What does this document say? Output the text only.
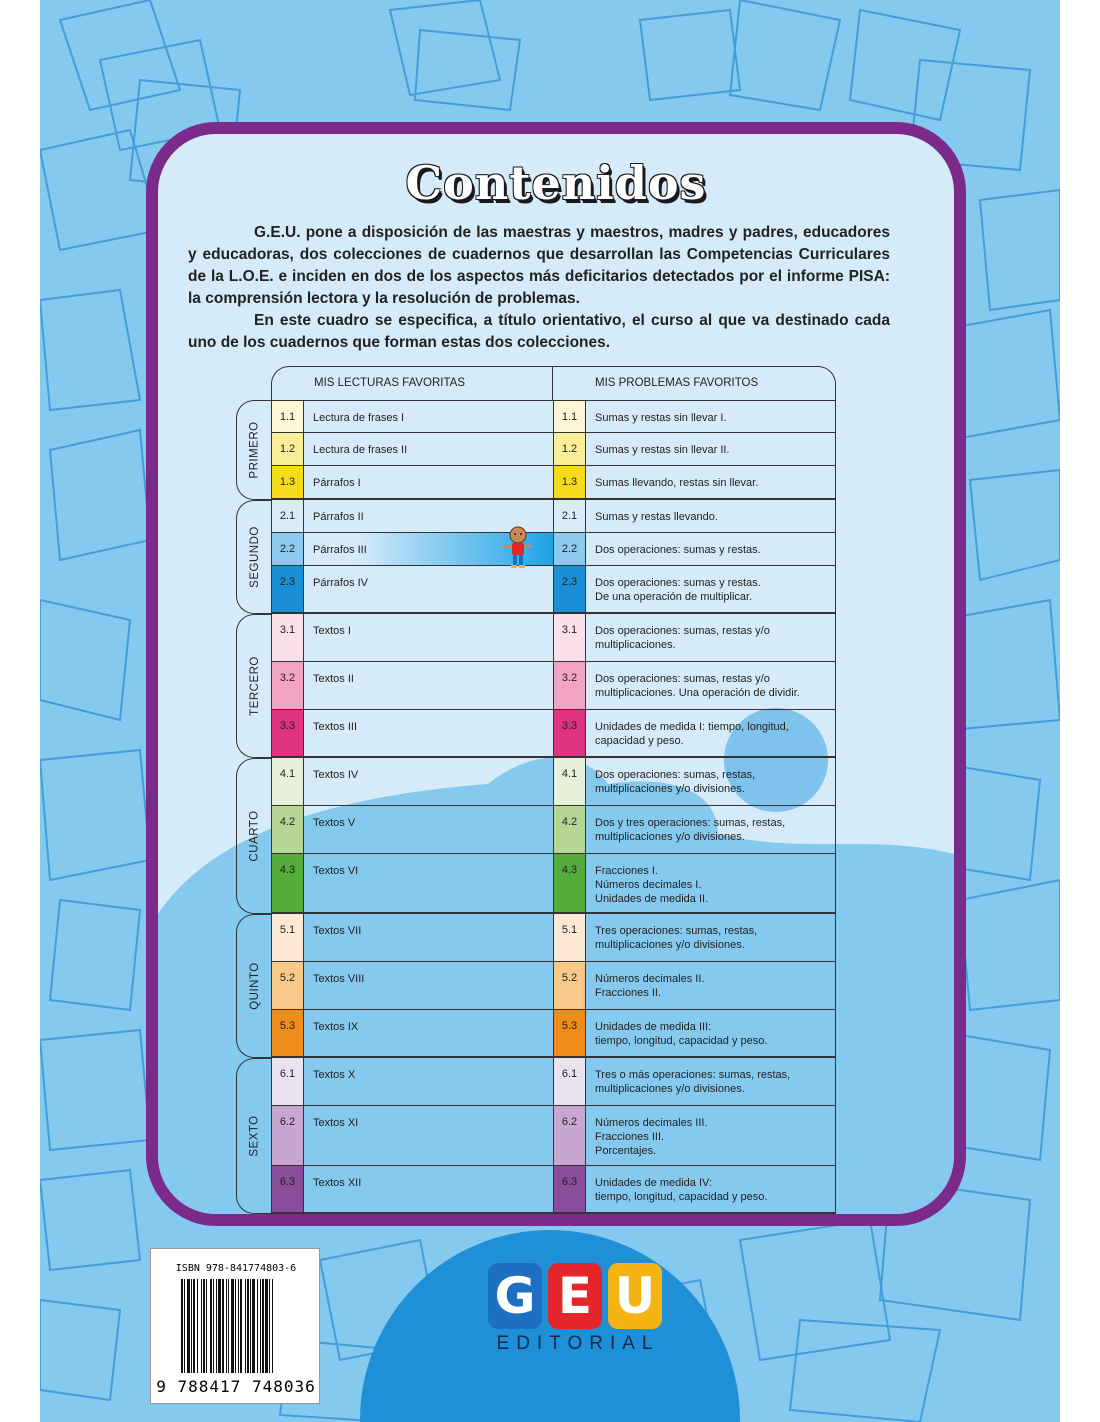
Contenidos

G.E.U. pone a disposición de las maestras y maestros, madres y padres, educadores y educadoras, dos colecciones de cuadernos que desarrollan las Competencias Curriculares de la L.O.E. e inciden en dos de los aspectos más deficitarios detectados por el informe PISA: la comprensión lectora y la resolución de problemas.

En este cuadro se especifica, a título orientativo, el curso al que va destinado cada uno de los cuadernos que forman estas dos colecciones.

MIS LECTURAS FAVORITAS	MIS PROBLEMAS FAVORITOS
PRIMERO
1.1	Lectura de frases I	1.1	Sumas y restas sin llevar I.
1.2	Lectura de frases II	1.2	Sumas y restas sin llevar II.
1.3	Párrafos I	1.3	Sumas llevando, restas sin llevar.
SEGUNDO
2.1	Párrafos II	2.1	Sumas y restas llevando.
2.2	Párrafos III	2.2	Dos operaciones: sumas y restas.
2.3	Párrafos IV	2.3	Dos operaciones: sumas y restas.
De una operación de multiplicar.
TERCERO
3.1	Textos I	3.1	Dos operaciones: sumas, restas y/o
multiplicaciones.
3.2	Textos II	3.2	Dos operaciones: sumas, restas y/o
multiplicaciones. Una operación de dividir.
3.3	Textos III	3.3	Unidades de medida I: tiempo, longitud,
capacidad y peso.
CUARTO
4.1	Textos IV	4.1	Dos operaciones: sumas, restas,
multiplicaciones y/o divisiones.
4.2	Textos V	4.2	Dos y tres operaciones: sumas, restas,
multiplicaciones y/o divisiones.
4.3	Textos VI	4.3	Fracciones I.
Números decimales I.
Unidades de medida II.
QUINTO
5.1	Textos VII	5.1	Tres operaciones: sumas, restas,
multiplicaciones y/o divisiones.
5.2	Textos VIII	5.2	Números decimales II.
Fracciones II.
5.3	Textos IX	5.3	Unidades de medida III:
tiempo, longitud, capacidad y peso.
SEXTO
6.1	Textos X	6.1	Tres o más operaciones: sumas, restas,
multiplicaciones y/o divisiones.
6.2	Textos XI	6.2	Números decimales III.
Fracciones III.
Porcentajes.
6.3	Textos XII	6.3	Unidades de medida IV:
tiempo, longitud, capacidad y peso.
ISBN 978-841774803-6
9 788417 748036
G E U
EDITORIAL
